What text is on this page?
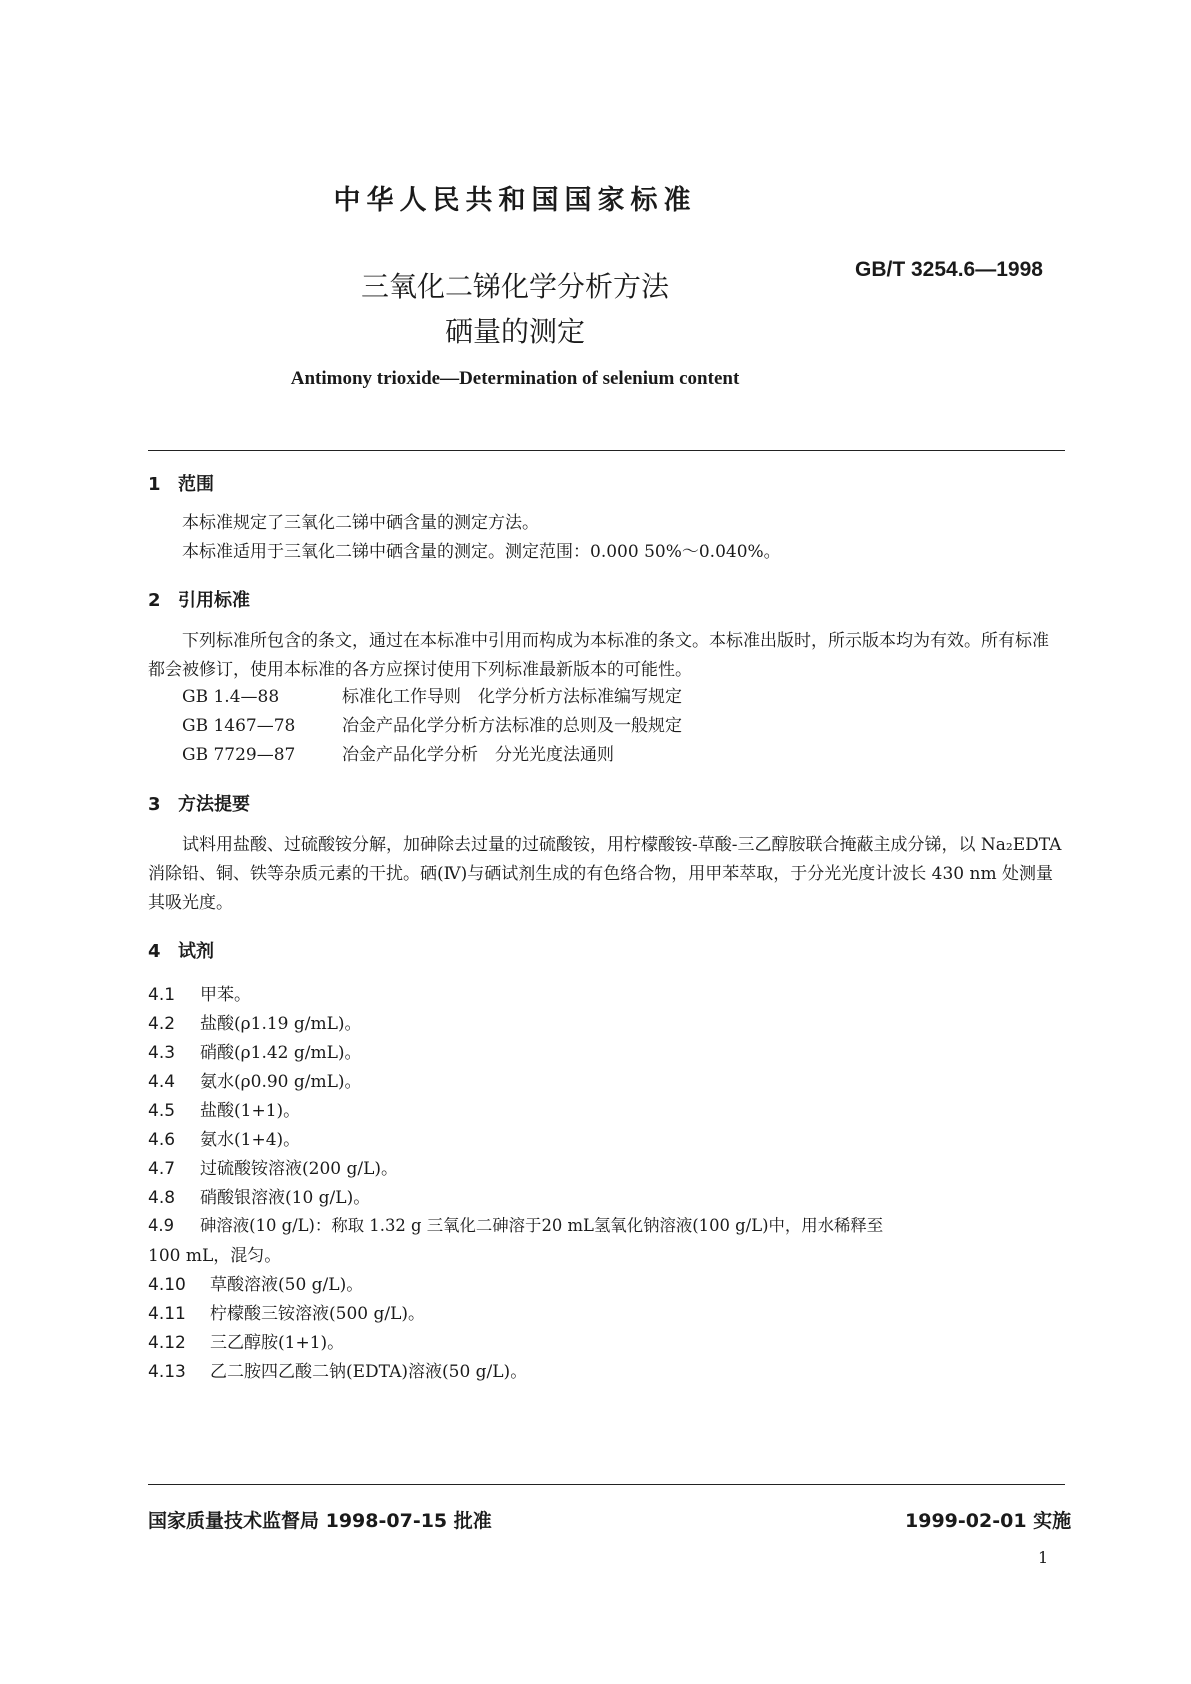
中华人民共和国国家标准
GB/T 3254.6—1998
三氧化二锑化学分析方法
硒量的测定
Antimony trioxide—Determination of selenium content
1 范围
本标准规定了三氧化二锑中硒含量的测定方法。
本标准适用于三氧化二锑中硒含量的测定。测定范围：0.000 50%～0.040%。
2 引用标准
下列标准所包含的条文，通过在本标准中引用而构成为本标准的条文。本标准出版时，所示版本均为有效。所有标准都会被修订，使用本标准的各方应探讨使用下列标准最新版本的可能性。
GB 1.4—88	标准化工作导则　化学分析方法标准编写规定
GB 1467—78	冶金产品化学分析方法标准的总则及一般规定
GB 7729—87	冶金产品化学分析　分光光度法通则
3 方法提要
试料用盐酸、过硫酸铵分解，加砷除去过量的过硫酸铵，用柠檬酸铵-草酸-三乙醇胺联合掩蔽主成分锑，以 Na₂EDTA 消除铅、铜、铁等杂质元素的干扰。硒(Ⅳ)与硒试剂生成的有色络合物，用甲苯萃取，于分光光度计波长 430 nm 处测量其吸光度。
4 试剂
4.1 甲苯。
4.2 盐酸(ρ1.19 g/mL)。
4.3 硝酸(ρ1.42 g/mL)。
4.4 氨水(ρ0.90 g/mL)。
4.5 盐酸(1+1)。
4.6 氨水(1+4)。
4.7 过硫酸铵溶液(200 g/L)。
4.8 硝酸银溶液(10 g/L)。
4.9 砷溶液(10 g/L)：称取 1.32 g 三氧化二砷溶于20 mL氢氧化钠溶液(100 g/L)中，用水稀释至
100 mL，混匀。
4.10 草酸溶液(50 g/L)。
4.11 柠檬酸三铵溶液(500 g/L)。
4.12 三乙醇胺(1+1)。
4.13 乙二胺四乙酸二钠(EDTA)溶液(50 g/L)。
国家质量技术监督局 1998-07-15 批准	1999-02-01 实施
1
